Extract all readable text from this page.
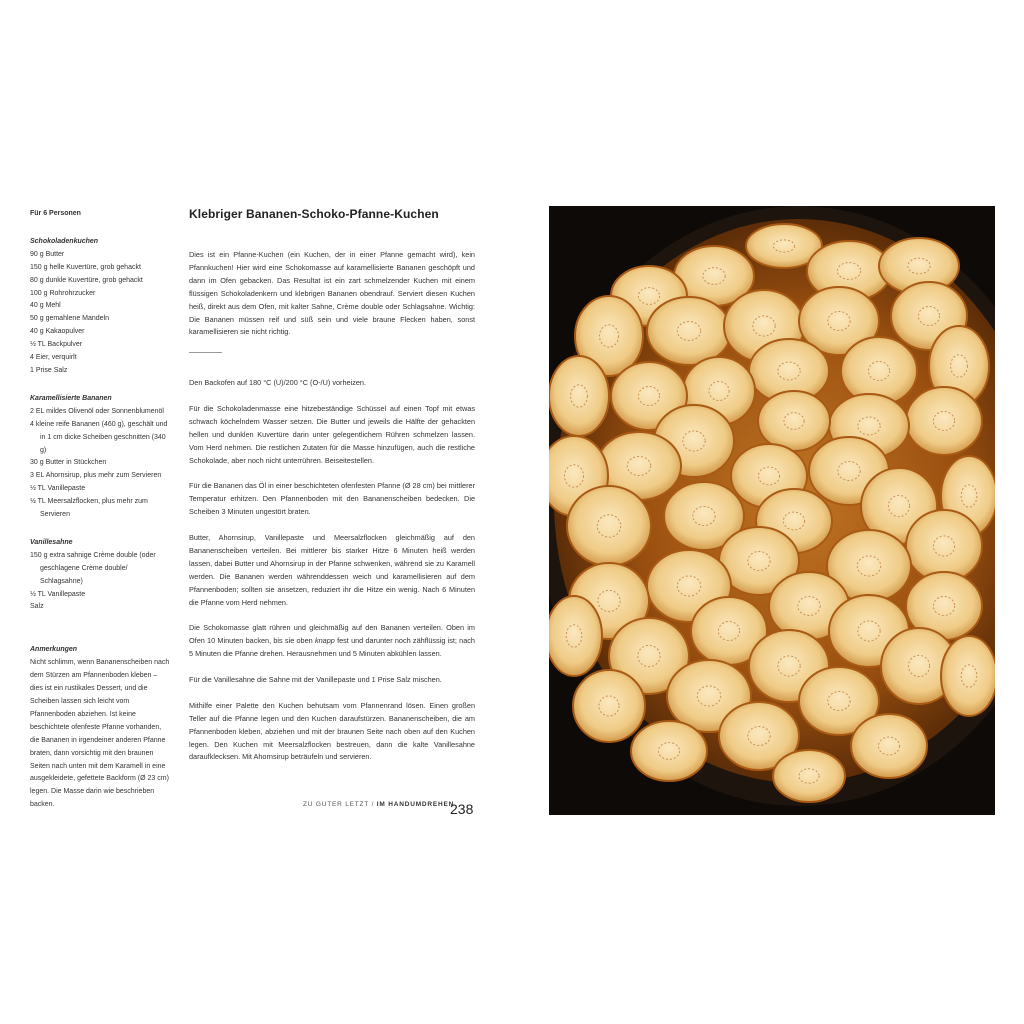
Für 6 Personen
Schokoladenkuchen
90 g Butter
150 g helle Kuvertüre, grob gehackt
80 g dunkle Kuvertüre, grob gehackt
100 g Rohrohrzucker
40 g Mehl
50 g gemahlene Mandeln
40 g Kakaopulver
½ TL Backpulver
4 Eier, verquirlt
1 Prise Salz
Karamellisierte Bananen
2 EL mildes Olivenöl oder Sonnenblumenöl
4 kleine reife Bananen (460 g), geschält und in 1 cm dicke Scheiben geschnitten (340 g)
30 g Butter in Stückchen
3 EL Ahornsirup, plus mehr zum Servieren
½ TL Vanillepaste
½ TL Meersalzflocken, plus mehr zum Servieren
Vanillesahne
150 g extra sahnige Crème double (oder geschlagene Crème double/ Schlagsahne)
½ TL Vanillepaste
Salz
Anmerkungen
Nicht schlimm, wenn Bananenscheiben nach dem Stürzen am Pfannenboden kleben – dies ist ein rustikales Dessert, und die Scheiben lassen sich leicht vom Pfannenboden abziehen. Ist keine beschichtete ofenfeste Pfanne vorhanden, die Bananen in irgendeiner anderen Pfanne braten, dann vorsichtig mit den braunen Seiten nach unten mit dem Karamell in eine ausgekleidete, gefettete Backform (Ø 23 cm) legen. Die Masse darin wie beschrieben backen.
Klebriger Bananen-Schoko-Pfanne-Kuchen

Dies ist ein Pfanne-Kuchen (ein Kuchen, der in einer Pfanne gemacht wird), kein Pfannkuchen! Hier wird eine Schokomasse auf karamellisierte Bananen geschöpft und dann im Ofen gebacken. Das Resultat ist ein zart schmelzender Kuchen mit einem flüssigen Schokoladenkern und klebrigen Bananen obendrauf. Serviert diesen Kuchen heiß, direkt aus dem Ofen, mit kalter Sahne, Crème double oder Schlagsahne. Wichtig: Die Bananen müssen reif und süß sein und viele braune Flecken haben, sonst karamellisieren sie nicht richtig.

Den Backofen auf 180 °C (U)/200 °C (O-/U) vorheizen.

Für die Schokoladenmasse eine hitzebeständige Schüssel auf einen Topf mit etwas schwach köchelndem Wasser setzen. Die Butter und jeweils die Hälfte der gehackten hellen und dunklen Kuvertüre darin unter gelegentlichem Rühren schmelzen lassen. Vom Herd nehmen. Die restlichen Zutaten für die Masse hinzufügen, auch die restliche Schokolade, aber noch nicht unterrühren. Beiseitestellen.

Für die Bananen das Öl in einer beschichteten ofenfesten Pfanne (Ø 28 cm) bei mittlerer Temperatur erhitzen. Den Pfannenboden mit den Bananenscheiben bedecken. Die Scheiben 3 Minuten ungestört braten.

Butter, Ahornsirup, Vanillepaste und Meersalzflocken gleichmäßig auf den Bananenscheiben verteilen. Bei mittlerer bis starker Hitze 6 Minuten heiß werden lassen, dabei Butter und Ahornsirup in der Pfanne schwenken, während sie zu Karamell werden. Die Bananen werden währenddessen weich und karamellisieren auf dem Pfannenboden; sollten sie ansetzen, reduziert ihr die Hitze ein wenig. Nach 6 Minuten die Pfanne vom Herd nehmen.

Die Schokomasse glatt rühren und gleichmäßig auf den Bananen verteilen. Oben im Ofen 10 Minuten backen, bis sie oben knapp fest und darunter noch zähflüssig ist; nach 5 Minuten die Pfanne drehen. Herausnehmen und 5 Minuten abkühlen lassen.

Für die Vanillesahne die Sahne mit der Vanillepaste und 1 Prise Salz mischen.

Mithilfe einer Palette den Kuchen behutsam vom Pfannenrand lösen. Einen großen Teller auf die Pfanne legen und den Kuchen daraufstürzen. Bananenscheiben, die am Pfannenboden kleben, abziehen und mit der braunen Seite nach oben auf den Kuchen legen. Den Kuchen mit Meersalzflocken bestreuen, dann die kalte Vanillesahne daraufklecksen. Mit Ahornsirup beträufeln und servieren.

ZU GUTER LETZT / IM HANDUMDREHEN
238
